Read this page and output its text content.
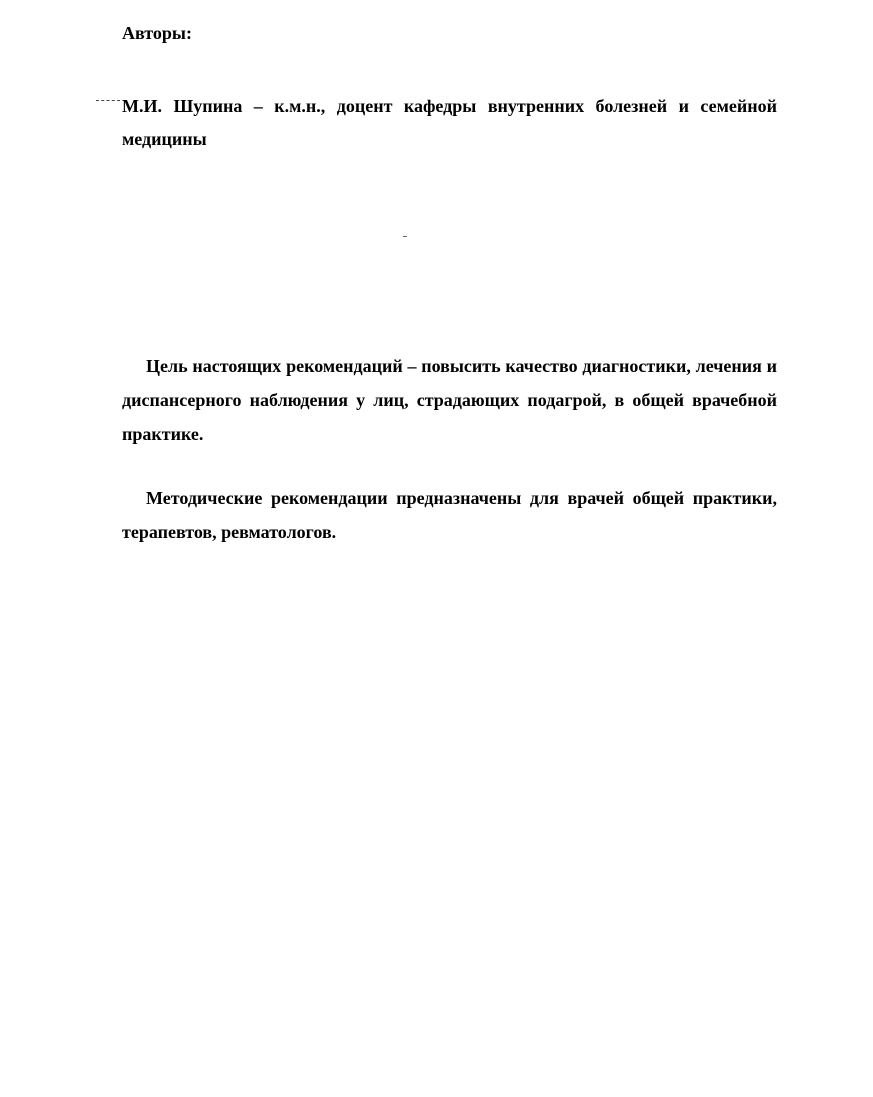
Авторы:

М.И. Шупина – к.м.н., доцент кафедры внутренних болезней и семейной медицины

Цель настоящих рекомендаций – повысить качество диагностики, лечения и диспансерного наблюдения у лиц, страдающих подагрой, в общей врачебной практике.

Методические рекомендации предназначены для врачей общей практики, терапевтов, ревматологов.
